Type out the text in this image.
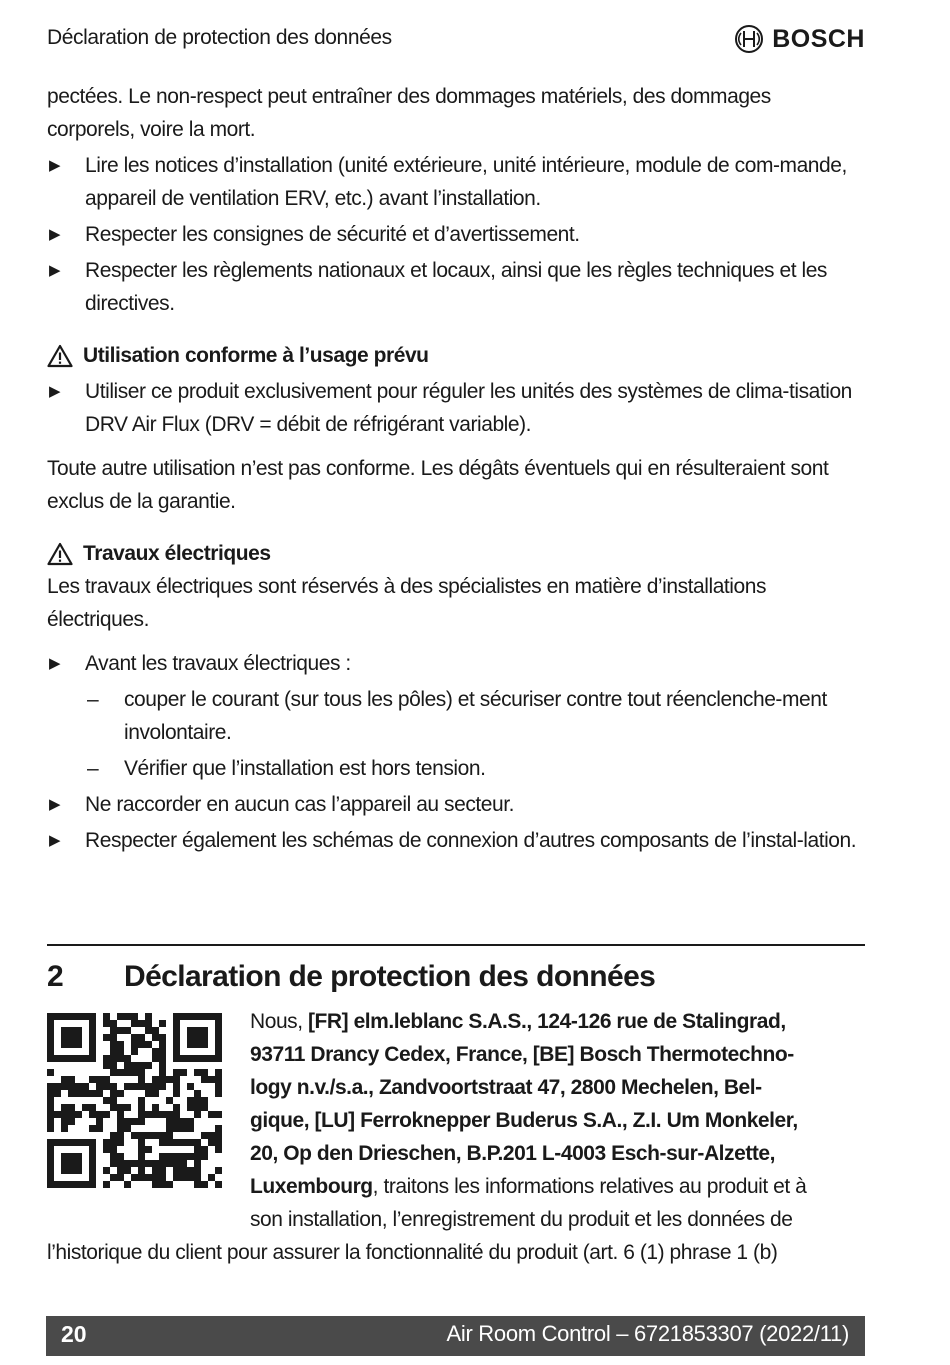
Déclaration de protection des données	BOSCH

pectées. Le non-respect peut entraîner des dommages matériels, des dommages

corporels, voire la mort.

▶ Lire les notices d’installation (unité extérieure, unité intérieure, module de com-mande, appareil de ventilation ERV, etc.) avant l’installation.
▶ Respecter les consignes de sécurité et d’avertissement.
▶ Respecter les règlements nationaux et locaux, ainsi que les règles techniques et les directives.
Utilisation conforme à l’usage prévu
▶ Utiliser ce produit exclusivement pour réguler les unités des systèmes de clima-tisation DRV Air Flux (DRV = débit de réfrigérant variable).

Toute autre utilisation n’est pas conforme. Les dégâts éventuels qui en résulteraient sont exclus de la garantie.

Travaux électriques

Les travaux électriques sont réservés à des spécialistes en matière d’installations électriques.

▶ Avant les travaux électriques :
– couper le courant (sur tous les pôles) et sécuriser contre tout réenclenche-ment involontaire.
– Vérifier que l’installation est hors tension.
▶ Ne raccorder en aucun cas l’appareil au secteur.
▶ Respecter également les schémas de connexion d’autres composants de l’instal-lation.
2 Déclaration de protection des données
Nous, [FR] elm.leblanc S.A.S., 124-126 rue de Stalingrad,
93711 Drancy Cedex, France, [BE] Bosch Thermotechno-
logy n.v./s.a., Zandvoortstraat 47, 2800 Mechelen, Bel-
gique, [LU] Ferroknepper Buderus S.A., Z.I. Um Monkeler,
20, Op den Drieschen, B.P.201 L-4003 Esch-sur-Alzette,
Luxembourg, traitons les informations relatives au produit et à
son installation, l’enregistrement du produit et les données de
l’historique du client pour assurer la fonctionnalité du produit (art. 6 (1) phrase 1 (b)
20	Air Room Control – 6721853307 (2022/11)
